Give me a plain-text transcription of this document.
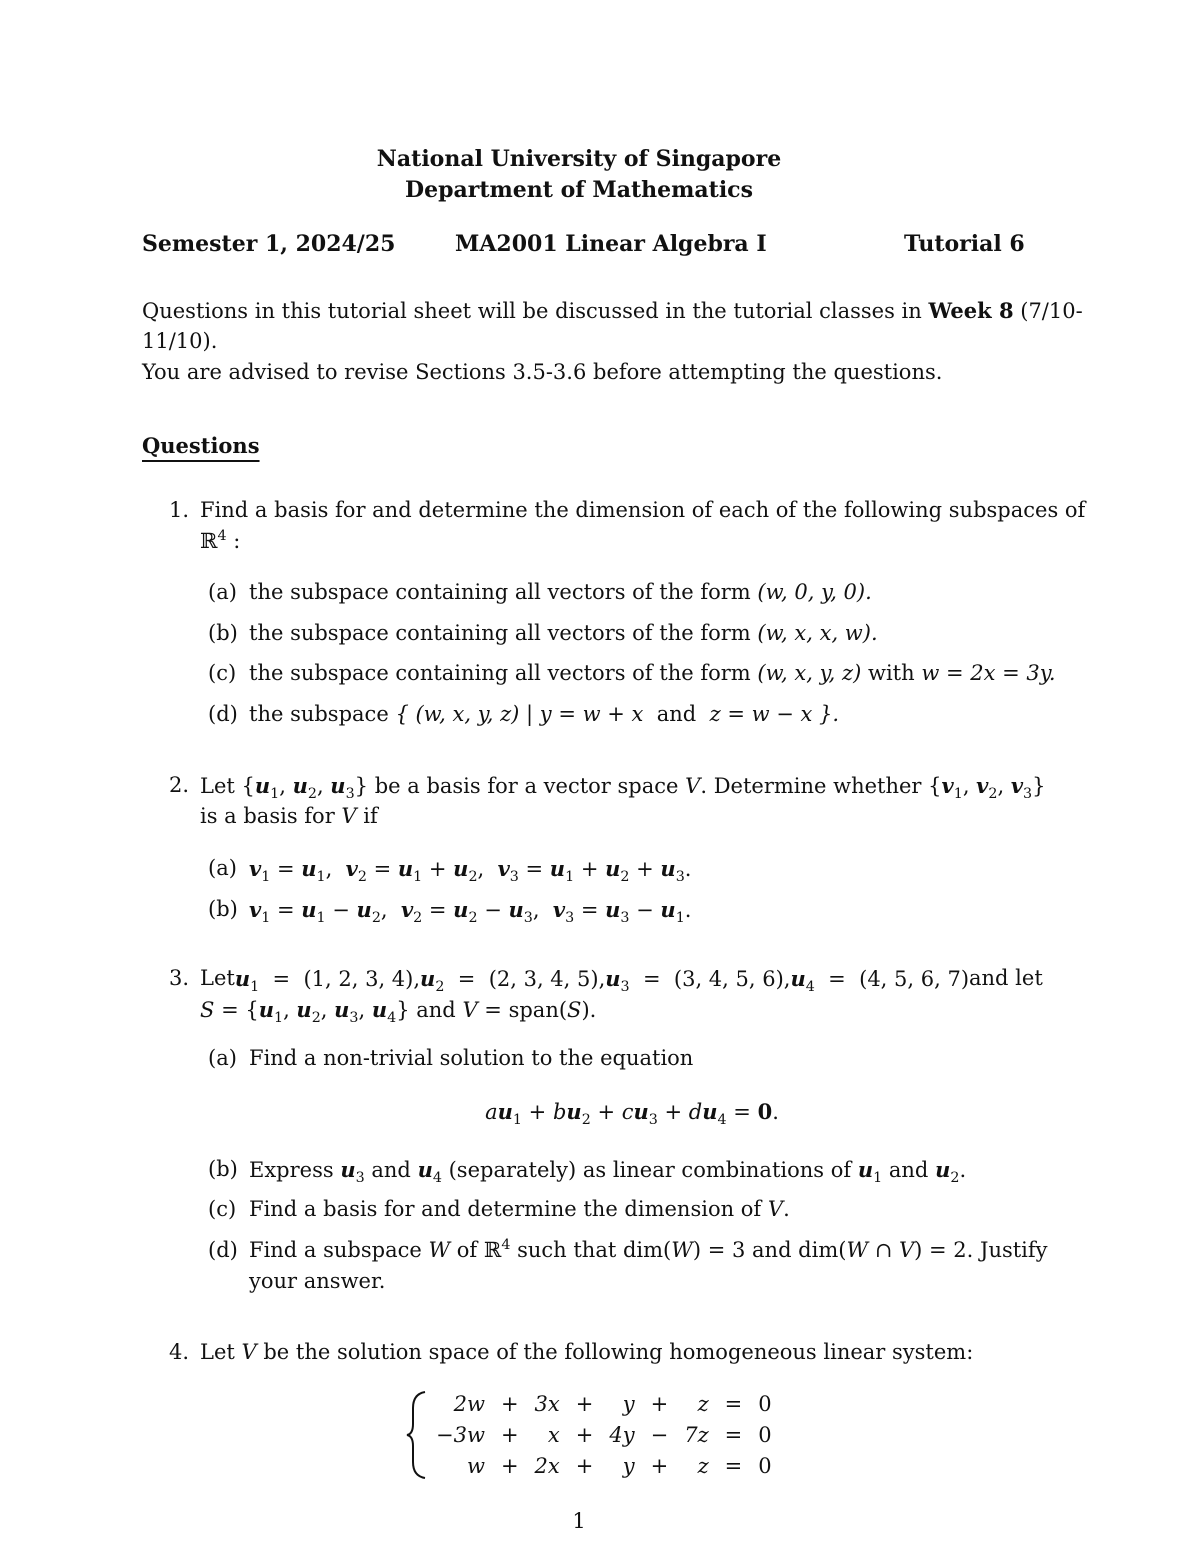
National University of Singapore
Department of Mathematics
Semester 1, 2024/25	MA2001 Linear Algebra I	Tutorial 6
Questions in this tutorial sheet will be discussed in the tutorial classes in Week 8 (7/10-
11/10).
You are advised to revise Sections 3.5-3.6 before attempting the questions.
Questions
1. Find a basis for and determine the dimension of each of the following subspaces of
ℝ$^4$ :
(a) the subspace containing all vectors of the form (w, 0, y, 0).
(b) the subspace containing all vectors of the form (w, x, x, w).
(c) the subspace containing all vectors of the form (w, x, y, z) with w = 2x = 3y.
(d) the subspace { (w, x, y, z) | y = w + x and z = w − x }.
2. Let {$u_1$, $u_2$, $u_3$} be a basis for a vector space V. Determine whether {$v_1$, $v_2$, $v_3$}
is a basis for V if
(a) $v_1 = u_1$,  $v_2 = u_1 + u_2$,  $v_3 = u_1 + u_2 + u_3$.
(b) $v_1 = u_1 - u_2$,  $v_2 = u_2 - u_3$,  $v_3 = u_3 - u_1$.
3. Let $u_1 = (1$, 2, 3, 4), $u_2 = (2$, 3, 4, 5), $u_3 = (3$, 4, 5, 6), $u_4 = (4$, 5, 6, 7) and let
$S = \{u_1$, $u_2$, $u_3$, $u_4$} and V = span(S).
(a) Find a non-trivial solution to the equation
$au_1 + bu_2 + cu_3 + du_4 = 0$.
(b) Express $u_3$ and $u_4$ (separately) as linear combinations of $u_1$ and $u_2$.
(c) Find a basis for and determine the dimension of V.
(d) Find a subspace W of ℝ$^4$ such that dim(W) = 3 and dim(W ∩ V) = 2. Justify
your answer.
4. Let V be the solution space of the following homogeneous linear system:
2w	+	3x	+	y	+	z	=	0
−3w	+	x	+	4y	−	7z	=	0
w	+	2x	+	y	+	z	=	0
1
